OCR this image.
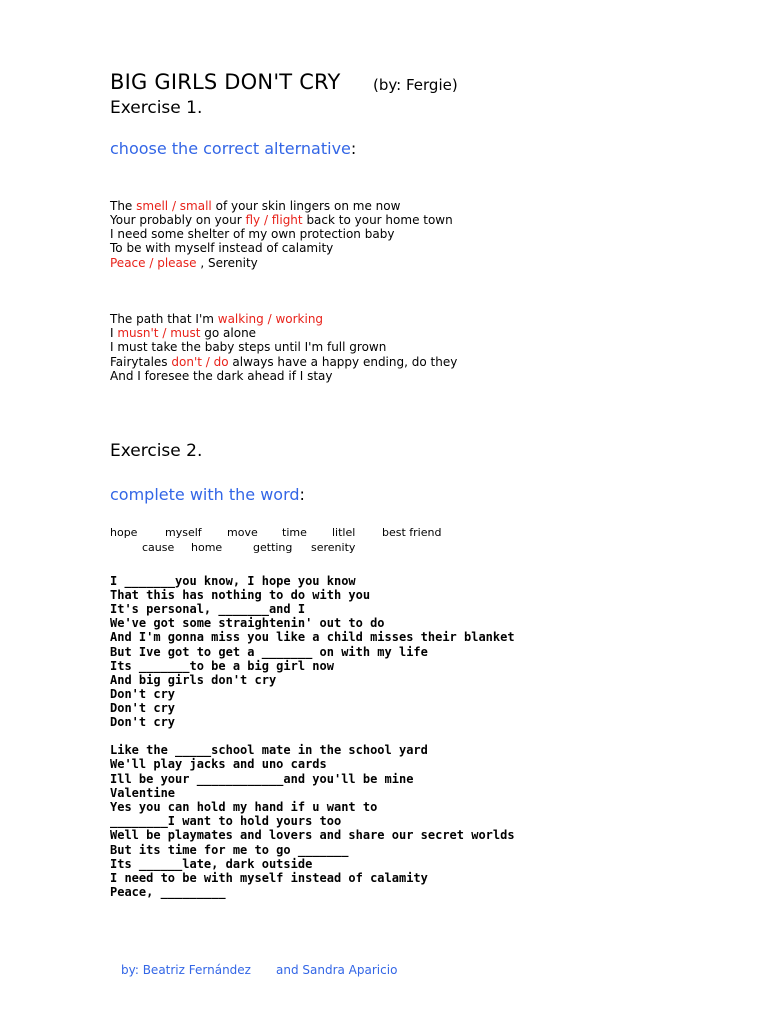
BIG GIRLS DON'T CRY (by: Fergie)
Exercise 1.
choose the correct alternative:
The smell / small of your skin lingers on me now
Your probably on your fly / flight back to your home town
I need some shelter of my own protection baby
To be with myself instead of calamity
Peace / please , Serenity
The path that I'm walking / working
I musn't / must go alone
I must take the baby steps until I'm full grown
Fairytales don't / do always have a happy ending, do they
And I foresee the dark ahead if I stay
Exercise 2.
complete with the word:
hope	myself move time litlel best friend
cause home	getting serenity
I _______you know, I hope you know
That this has nothing to do with you
It's personal, _______and I
We've got some straightenin' out to do
And I'm gonna miss you like a child misses their blanket
But Ive got to get a _______ on with my life
Its _______to be a big girl now
And big girls don't cry
Don't cry
Don't cry
Don't cry
Like the _____school mate in the school yard
We'll play jacks and uno cards
Ill be your ____________and you'll be mine
Valentine
Yes you can hold my hand if u want to
________I want to hold yours too
Well be playmates and lovers and share our secret worlds
But its time for me to go _______
Its ______late, dark outside
I need to be with myself instead of calamity
Peace, _________
by: Beatriz Fernández and Sandra Aparicio
